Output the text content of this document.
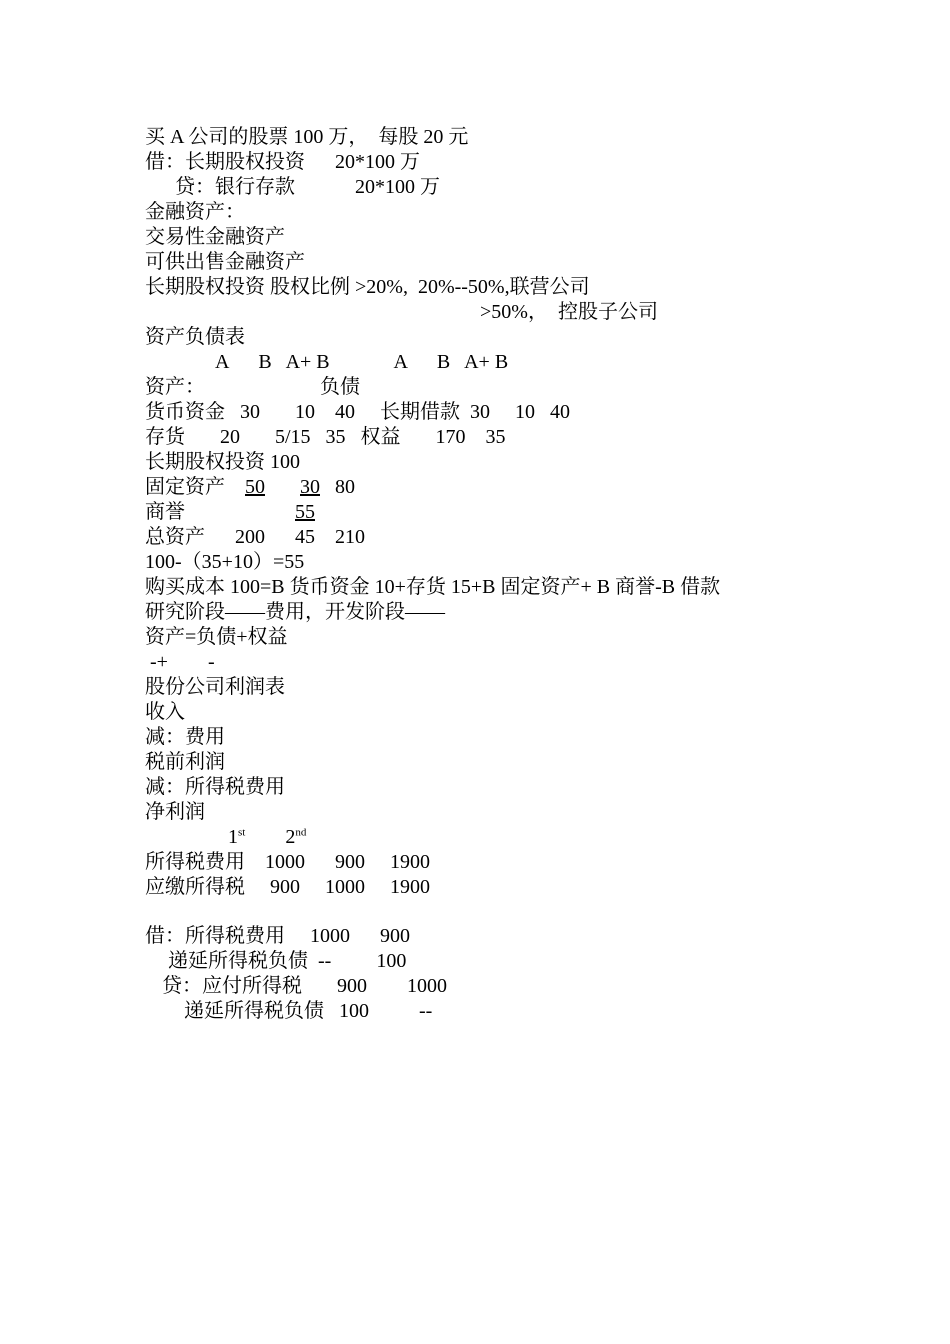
买 A 公司的股票 100 万，  每股 20 元
借：长期股权投资      20*100 万
贷：银行存款            20*100 万
金融资产：
交易性金融资产
可供出售金融资产
长期股权投资 股权比例 >20%,  20%--50%,联营公司
>50%，  控股子公司
资产负债表
A      B   A+ B             A      B   A+ B
资产：                       负债
货币资金   30       10    40     长期借款  30     10   40
存货       20       5/15   35   权益       170    35
长期股权投资 100
固定资产    50 30   80
商誉                      55
总资产      200      45    210
100-（35+10）=55
购买成本 100=B 货币资金 10+存货 15+B 固定资产+ B 商誉-B 借款
研究阶段——费用，开发阶段——
资产=负债+权益
-+        -
股份公司利润表
收入
减：费用
税前利润
减：所得税费用
净利润
1st        2nd
所得税费用    1000      900     1900
应缴所得税     900     1000     1900
借：所得税费用     1000      900
递延所得税负债  --         100
贷：应付所得税       900        1000
递延所得税负债   100          --
